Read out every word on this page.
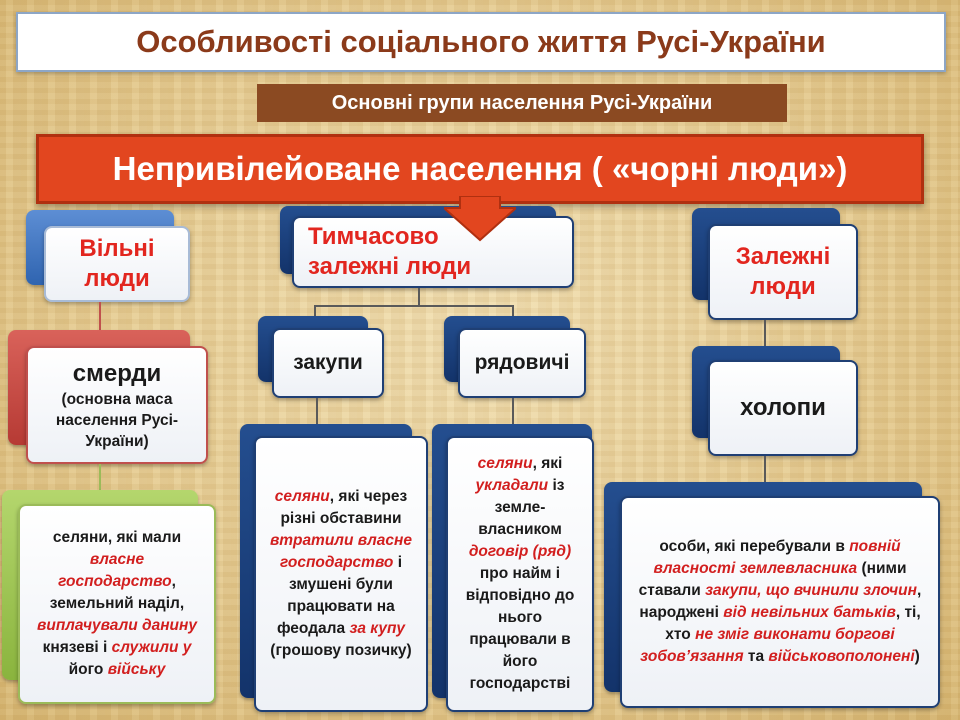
Особливості соціального життя Русі-України
Основні групи населення Русі-України
Непривілейоване населення ( «чорні люди»)
Вільні люди
смерди
(основна маса населення Русі-України)
селяни, які мали власне господарство, земельний наділ, виплачували данину князеві і служили у його війську
Тимчасово залежні люди
закупи	рядовичі
селяни, які через різні обставини втратили власне господарство і змушені були працювати на феодала за купу (грошову позичку)
селяни, які укладали із земле-власником договір (ряд) про найм і відповідно до нього працювали в його господарстві
Залежні люди
холопи
особи, які перебували в повній власності землевласника (ними ставали закупи, що вчинили злочин, народжені від невільних батьків, ті, хто не зміг виконати боргові зобов’язання та військовополонені)
